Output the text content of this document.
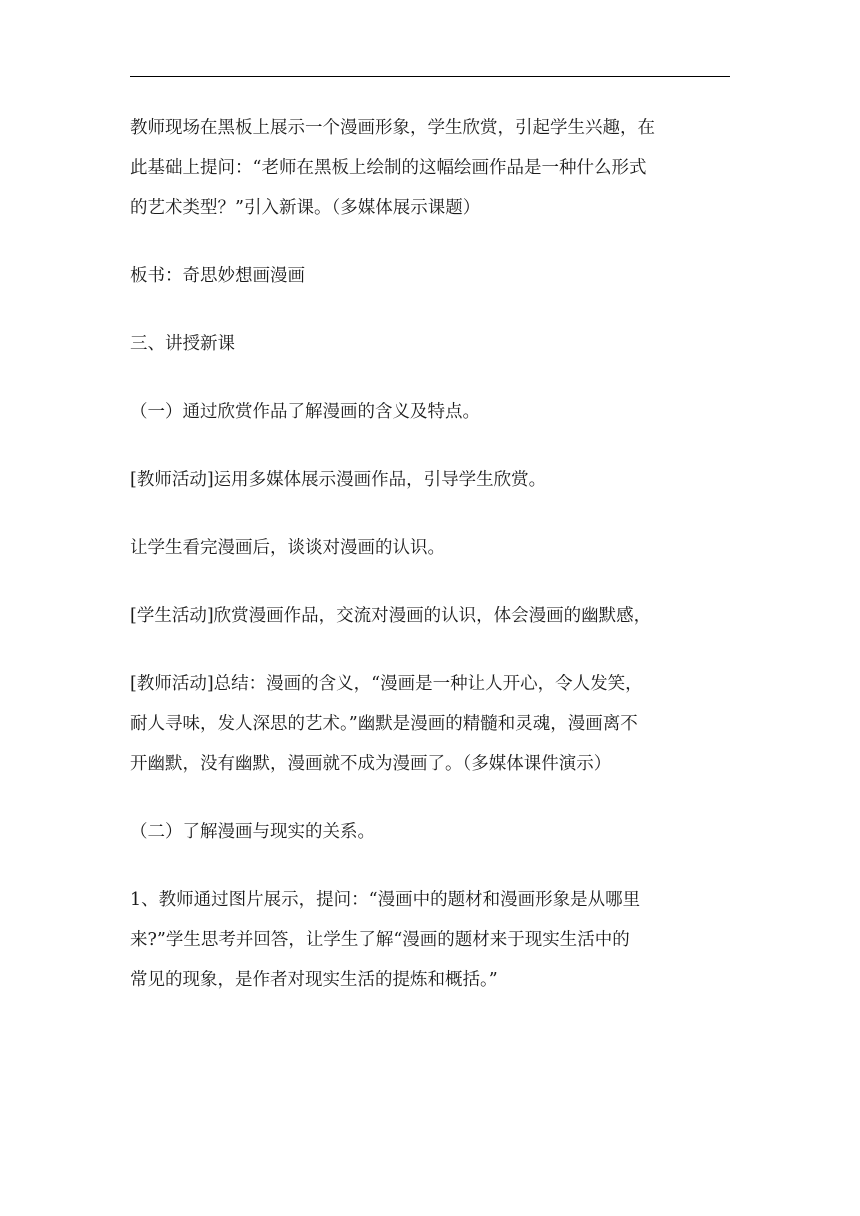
教师现场在黑板上展示一个漫画形象，学生欣赏，引起学生兴趣，在
此基础上提问：“老师在黑板上绘制的这幅绘画作品是一种什么形式
的艺术类型？”引入新课。（多媒体展示课题）

板书：奇思妙想画漫画

三、讲授新课

（一）通过欣赏作品了解漫画的含义及特点。

[教师活动]运用多媒体展示漫画作品，引导学生欣赏。

让学生看完漫画后，谈谈对漫画的认识。

[学生活动]欣赏漫画作品，交流对漫画的认识，体会漫画的幽默感，

[教师活动]总结：漫画的含义，“漫画是一种让人开心，令人发笑，
耐人寻味，发人深思的艺术。”幽默是漫画的精髓和灵魂，漫画离不
开幽默，没有幽默，漫画就不成为漫画了。（多媒体课件演示）

（二）了解漫画与现实的关系。

1、教师通过图片展示，提问：“漫画中的题材和漫画形象是从哪里
来?”学生思考并回答，让学生了解“漫画的题材来于现实生活中的
常见的现象，是作者对现实生活的提炼和概括。”
